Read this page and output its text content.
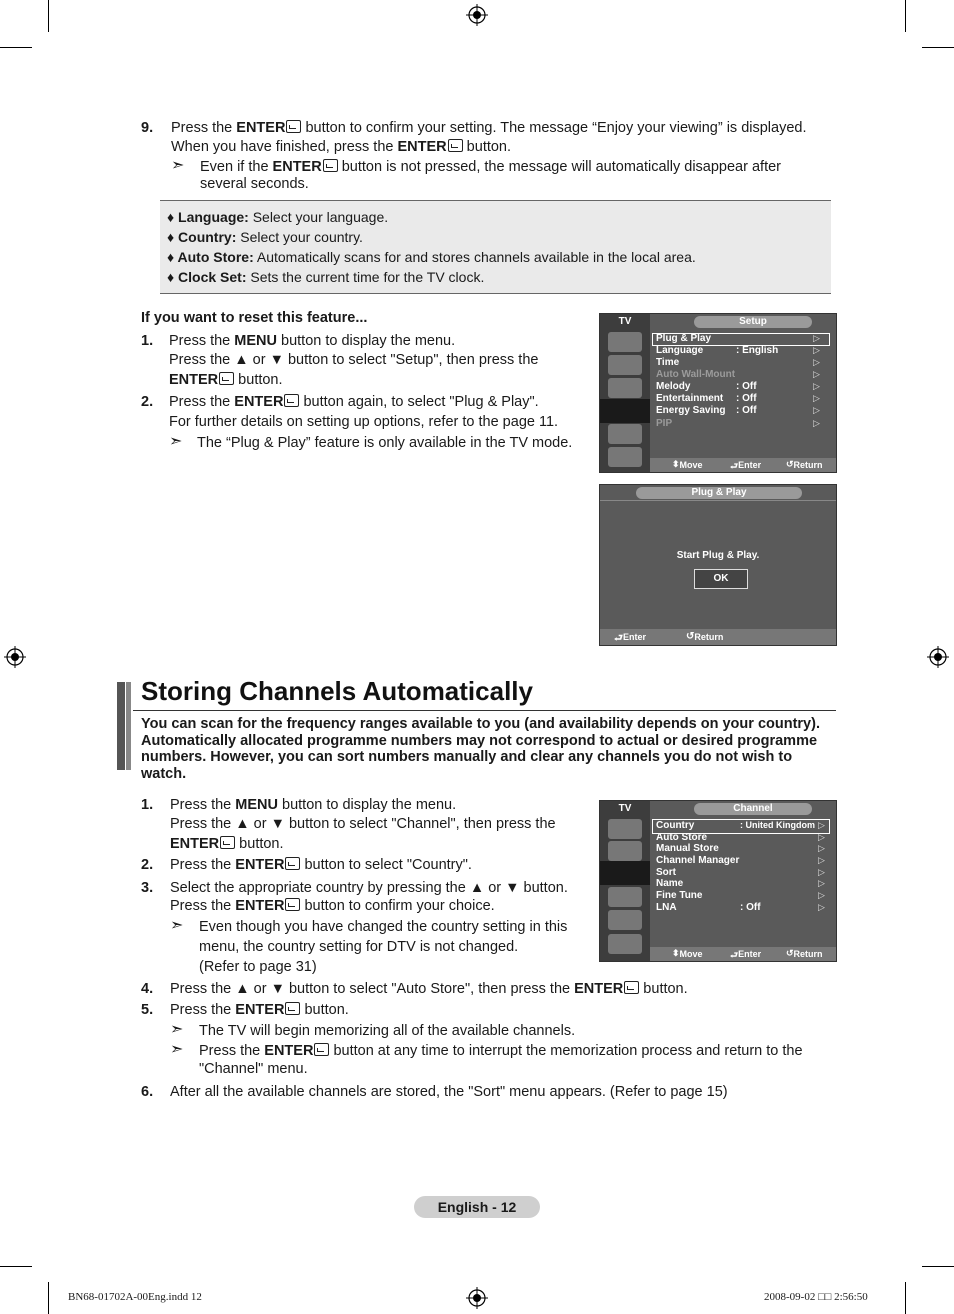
9. Press the ENTER button to confirm your setting. The message “Enjoy your viewing” is displayed.
When you have finished, press the ENTER button.
➣ Even if the ENTER button is not pressed, the message will automatically disappear after
several seconds.
♦ Language: Select your language.
♦ Country: Select your country.
♦ Auto Store: Automatically scans for and stores channels available in the local area.
♦ Clock Set: Sets the current time for the TV clock.
If you want to reset this feature...
1. Press the MENU button to display the menu.
Press the ▲ or ▼ button to select "Setup", then press the
ENTER button.
2. Press the ENTER button again, to select "Plug & Play".
For further details on setting up options, refer to the page 11.
➣ The “Plug & Play” feature is only available in the TV mode.
TV	Setup
Plug & Play
Language	: English
Time
Auto Wall-Mount
Melody	: Off
Entertainment : Off
Energy Saving : Off
PIP
▷
▷
▷
▷
▷
▷
▷
▷
⬍ Move	⮐ Enter	↺ Return
Plug & Play
Start Plug & Play.
OK
⮐ Enter	↺ Return
Storing Channels Automatically
You can scan for the frequency ranges available to you (and availability depends on your country). Automatically allocated programme numbers may not correspond to actual or desired programme numbers. However, you can sort numbers manually and clear any channels you do not wish to watch.
1. Press the MENU button to display the menu.
Press the ▲ or ▼ button to select "Channel", then press the
ENTER button.
2. Press the ENTER button to select "Country".
3. Select the appropriate country by pressing the ▲ or ▼ button.
Press the ENTER button to confirm your choice.
➣ Even though you have changed the country setting in this
menu, the country setting for DTV is not changed.
(Refer to page 31)
4. Press the ▲ or ▼ button to select "Auto Store", then press the ENTER button.
5. Press the ENTER button.
➣ The TV will begin memorizing all of the available channels.
➣ Press the ENTER button at any time to interrupt the memorization process and return to the
"Channel" menu.
6. After all the available channels are stored, the "Sort" menu appears. (Refer to page 15)
TV	Channel
Country	: United Kingdom
Auto Store
Manual Store
Channel Manager
Sort
Name
Fine Tune
LNA	: Off
▷
▷
▷
▷
▷
▷
▷
▷
⬍ Move	⮐ Enter	↺ Return
English - 12
BN68-01702A-00Eng.indd 12	2008-09-02 □□ 2:56:50
